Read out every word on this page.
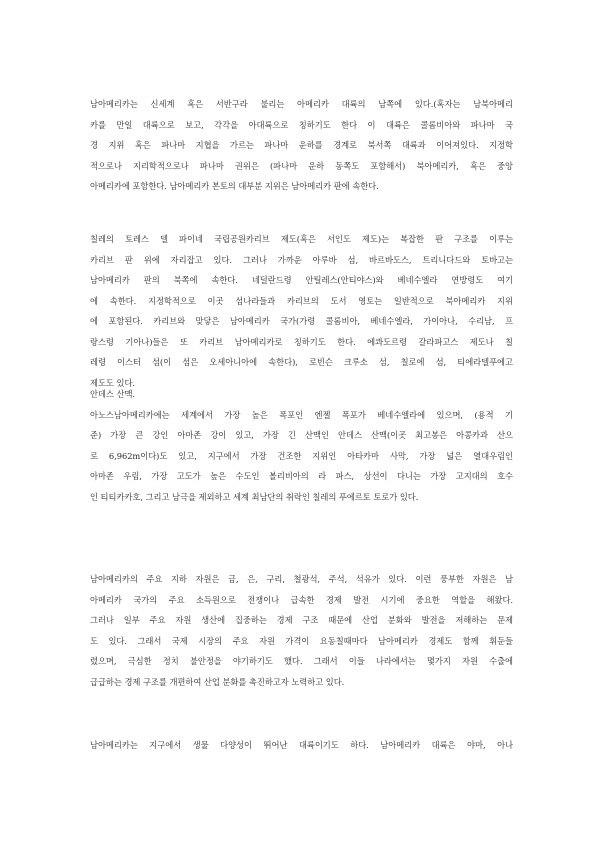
남아메리카는 신세계 혹은 서반구라 불리는 아메리카 대륙의 남쪽에 있다.(혹자는 남북아메리
카를 만일 대륙으로 보고, 각각을 아대륙으로 칭하기도 한다 이 대륙은 콜롬비아와 파나마 국
경 지위 혹은 파나마 지협을 가르는 파나마 운하를 경계로 북서쪽 대륙과 이어져있다. 지정학
적으로나 지리학적으로나 파나마 권위은 (파나마 운하 동쪽도 포함해서) 북아메리카, 혹은 중앙
아메리카에 포함한다. 남아메리카 본토의 대부분 지위은 남아메리카 판에 속한다.
칠레의 토레스 델 파이네 국립공원카리브 제도(혹은 서인도 제도)는 복잡한 판 구조를 이루는
카리브 판 위에 자리잡고 있다. 그러나 가까운 아루바 섬, 바르바도스, 트리니다드와 토바고는
남아메리카 판의 북쪽에 속한다. 네덜란드령 안틸레스(안티야스)와 베네수엘라 연방령도 여기
에 속한다. 지정학적으로 이곳 섬나라들과 카리브의 도서 영토는 일반적으로 북아메리카 지위
에 포함된다. 카리브와 맞닿은 남아메리카 국가(가령 콜롬비아, 베네수엘라, 가이아나, 수리남, 프
랑스령 기아나)들은 또 카리브 남아메리카로 칭하기도 한다. 에콰도르령 갈라파고스 제도나 칠
레령 이스터 섬(이 섬은 오세아니아에 속한다), 로빈슨 크루소 섬, 칠로에 섬, 티에라델푸에고
제도도 있다.
안데스 산맥.
아노스남아메리카에는 세계에서 가장 높은 폭포인 엔젤 폭포가 베네수엘라에 있으며, (용적 기
준) 가장 큰 강인 아마존 강이 있고, 가장 긴 산맥인 안데스 산맥(이곳 최고봉은 아콩카과 산으
로 6,962m이다)도 있고, 지구에서 가장 건조한 지위인 아타카마 사막, 가장 넓은 열대우림인
아마존 우림, 가장 고도가 높은 수도인 볼리비아의 라 파스, 상선이 다니는 가장 고지대의 호수
인 티티카카호, 그리고 남극을 제외하고 세계 최남단의 취락인 칠레의 푸에르토 토로가 있다.
남아메리카의 주요 지하 자원은 금, 은, 구리, 철광석, 주석, 석유가 있다. 이런 풍부한 자원은 남
아메리카 국가의 주요 소득원으로 전쟁이나 급속한 경제 발전 시기에 중요한 역할을 해왔다.
그러나 일부 주요 자원 생산에 집중하는 경제 구조 때문에 산업 분화와 발전을 저해하는 문제
도 있다. 그래서 국제 시장의 주요 자원 가격이 요동칠때마다 남아메리카 경제도 함께 휘둔들
렸으며, 극심한 정치 불안정을 야기하기도 했다. 그래서 이들 나라에서는 몇가지 자원 수출에
급급하는 경제 구조를 개편하여 산업 분화를 촉진하고자 노력하고 있다.
남아메리카는 지구에서 생물 다양성이 뛰어난 대륙이기도 하다. 남아메리카 대륙은 야마, 아나
